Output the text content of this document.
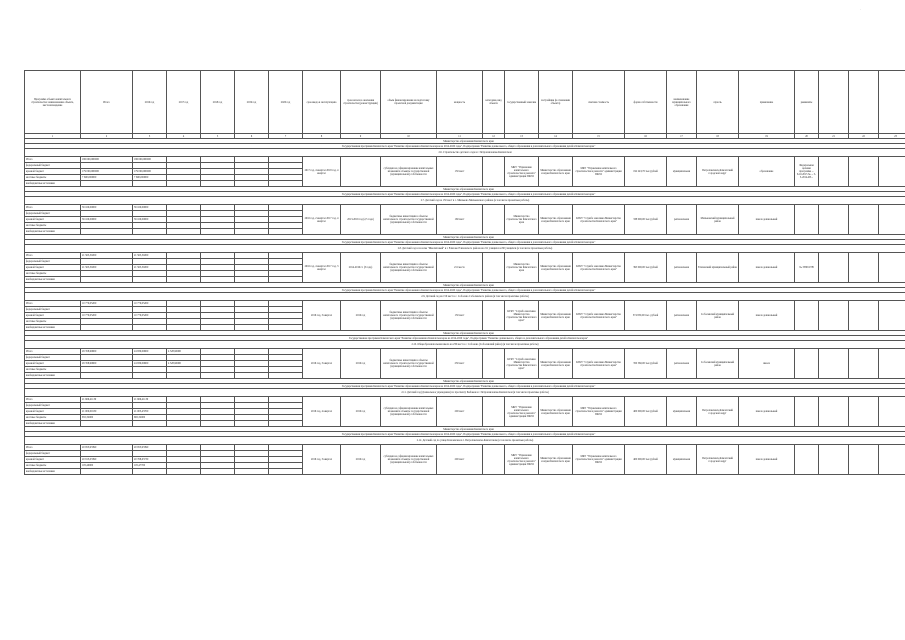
'
Программа объекта капитального строительства: наименование объекта, местонахождение	Итого	2016 год	2017 год	2018 год	2019 год	2020 год	срок ввода в эксплуатацию	срок начала и окончания строительства (реконструкции)	объем финансирования на подготовку проектной документации	мощность	категория, вид объекта	государственный заказчик	застройщик (в отношении объекта)	сметная стоимость	форма собственности	наименование муниципального образования	отрасль	примечание	реквизиты			
1	2	3	4	5	6	7	8	9	10	11	12	13	14	15	16	17	18	19	20	21	22	23
Министерство образования Камчатского края																						
Государственная программа Камчатского края "Развитие образования в Камчатском крае на 2014-2020 годы", Подпрограмма "Развитие дошкольного, общего образования и дополнительного образования детей в Камчатском крае"																						
2.6. Строительство детского сада в г. Петропавловске-Камчатском																						
Итого	186 600,000000	186 600,000000					2017 год, 4 квартал 2018 год, 4 квартал		субсидия на софинансирование капитальных вложений в объекты государственной (муниципальной) собственности	150 мест		МКУ "Управление капитального строительства и ремонта" администрации ПКГО	Министерство образования и науки Камчатского края	МКУ "Управление капитального строительства и ремонта" администрации ПКГО	192 243,70 тыс.рублей	муниципальная	Петропавловск-Камчатский городской округ	образование	Федеральная целевая программа ... 6.10.2015 № ... 5-5-2014-РЛ...			
федеральный бюджет																						
краевой бюджет	179 000,000000	179 000,000000																				
местные бюджеты	7 600,000000	7 600,000000																				
внебюджетные источники																						
Министерство образования Камчатского края																						
Государственная программа Камчатского края "Развитие образования в Камчатском крае на 2014-2020 годы", Подпрограмма "Развитие дошкольного, общего образования и дополнительного образования детей в Камчатском крае"																						
2.7. Детский сад на 150 мест в с. Мильково Мильковского района (в том числе проектные работы)																						
Итого	39 160,00000	39 160,00000					2016 год, 2 квартал 2017 год, 4 квартал	2013-2016 год (2,5 года)	бюджетные инвестиции в объекты капитального строительства государственной (муниципальной) собственности	160 мест		Министерство строительства Камчатского края	Министерство образования и науки Камчатского края	КГКУ "Служба заказчика Министерства строительства Камчатского края"	338 000,00 тыс.рублей	региональная	Мильковский муниципальный район	школа дошкольный				
федеральный бюджет																						
краевой бюджет	39 160,00000	39 160,00000																				
местные бюджеты																						
внебюджетные источники																						
Министерство образования Камчатского края																						
Государственная программа Камчатского края "Развитие образования в Камчатском крае на 2014-2020 годы", Подпрограмма "Развитие дошкольного, общего образования и дополнительного образования детей в Камчатском крае"																						
2.8. Детский сад в поселке "Шеелитовый" в г. Елизово Елизовского района на 211 учащихся и 80 учащихся (в том числе проектные работы)																						
Итого	21 565,30200	21 565,30200					2016 год, 4 квартал 2017 год, 3 квартал	2014-2016 гг. (3 года)	бюджетные инвестиции в объекты капитального строительства государственной (муниципальной) собственности	211 место		Министерство строительства Камчатского края	Министерство образования и науки Камчатского края	КГКУ "Служба заказчика Министерства строительства Камчатского края"	395 000,00 тыс.рублей	региональная	Елизовский муниципальный район	школа дошкольный	№ 3588 ОТВ			
федеральный бюджет																						
краевой бюджет	21 565,30200	21 565,30200																				
местные бюджеты																						
внебюджетные источники																						
Министерство образования Камчатского края																						
Государственная программа Камчатского края "Развитие образования в Камчатском крае на 2014-2020 годы", Подпрограмма "Развитие дошкольного, общего образования и дополнительного образования детей в Камчатском крае"																						
2.9. Детский сад на 150 мест в с. Соболево Соболевского района (в том числе проектные работы)																						
Итого	10 770,05200	10 770,05200					2016 год, 3 квартал	2016 год	бюджетные инвестиции в объекты капитального строительства государственной (муниципальной) собственности	150 мест		КГКУ "Служба заказчика Министерства строительства Камчатского края"	Министерство образования и науки Камчатского края	КГКУ "Служба заказчика Министерства строительства Камчатского края"	374 850,00 тыс. рублей	региональная	Соболевский муниципальный район	школа дошкольный				
федеральный бюджет																						
краевой бюджет	10 770,05200	10 770,05200																				
местные бюджеты																						
внебюджетные источники																						
Министерство образования Камчатского края																						
Государственная программа Камчатского края "Развитие образования в Камчатском крае на 2014-2020 годы", Подпрограмма "Развитие дошкольного, общего и дополнительного образования детей в Камчатском крае"																						
2.10. Общеобразовательная школа на 230 мест в с. Соболево (Соболевский район) (в том числе проектные работы)																						
Итого	29 358,90600	24 830,00600	4 528,90000				2016 год, 3 квартал	2016 год	бюджетные инвестиции в объекты капитального строительства государственной (муниципальной) собственности	230 мест		КГКУ "Служба заказчика Министерства строительства Камчатского края"	Министерство образования и науки Камчатского края	КГКУ "Служба заказчика Министерства строительства Камчатского края"	350 560,00 тыс.рублей	региональная	Соболевский муниципальный район	школа				
федеральный бюджет																						
краевой бюджет	29 358,90600	24 830,00600	4 528,90000																			
местные бюджеты																						
внебюджетные источники																						
Министерство образования Камчатского края																						
Государственная программа Камчатского края "Развитие образования в Камчатском крае на 2014-2020 годы", Подпрограмма "Развитие дошкольного, общего образования и дополнительного образования детей в Камчатском крае"																						
2.11. Детский сад (Дошкольное учреждение) по проспекту Рыбаков в г. Петропавловске-Камчатском (в том числе проектные работы)																						
Итого	21 669,41130	21 669,41130					2016 год, 4 квартал	2016 год	субсидия на софинансирование капитальных вложений в объекты государственной (муниципальной) собственности	200 мест		МКУ "Управление капитального строительства и ремонта" администрации ПКГО	Министерство образования и науки Камчатского края	МКУ "Управление капитального строительства и ремонта" администрации ПКГО	400 000,00 тыс.рублей	муниципальная	Петропавловск-Камчатский городской округ	школа дошкольный				
федеральный бюджет																						
краевой бюджет	21 000,00130	21 003,43700																				
местные бюджеты	655,32000	665,32000																				
внебюджетные источники																						
Министерство образования Камчатского края																						
Государственная программа Камчатского края "Развитие образования в Камчатском крае на 2014-2020 годы", Подпрограмма "Развитие дошкольного, общего образования и дополнительного образования детей в Камчатском крае"																						
2.12. Детский сад по улице Ключевская в г. Петропавловске-Камчатском (в том числе проектные работы)																						
Итого	20 953,93390	20 953,93390					2016 год, 3 квартал	2016 год	субсидия на софинансирование капитальных вложений в объекты государственной (муниципальной) собственности	200 мест		МКУ "Управление капитального строительства и ремонта" администрации ПКГО	Министерство образования и науки Камчатского края	МКУ "Управление капитального строительства и ремонта" администрации ПКГО	400 000,00 тыс.рублей	муниципальная	Петропавловск-Камчатский городской округ	школа дошкольный				
федеральный бюджет																						
краевой бюджет	20 813,03390	20 768,63730																				
местные бюджеты	105,40000	105,47700																				
внебюджетные источники																						
